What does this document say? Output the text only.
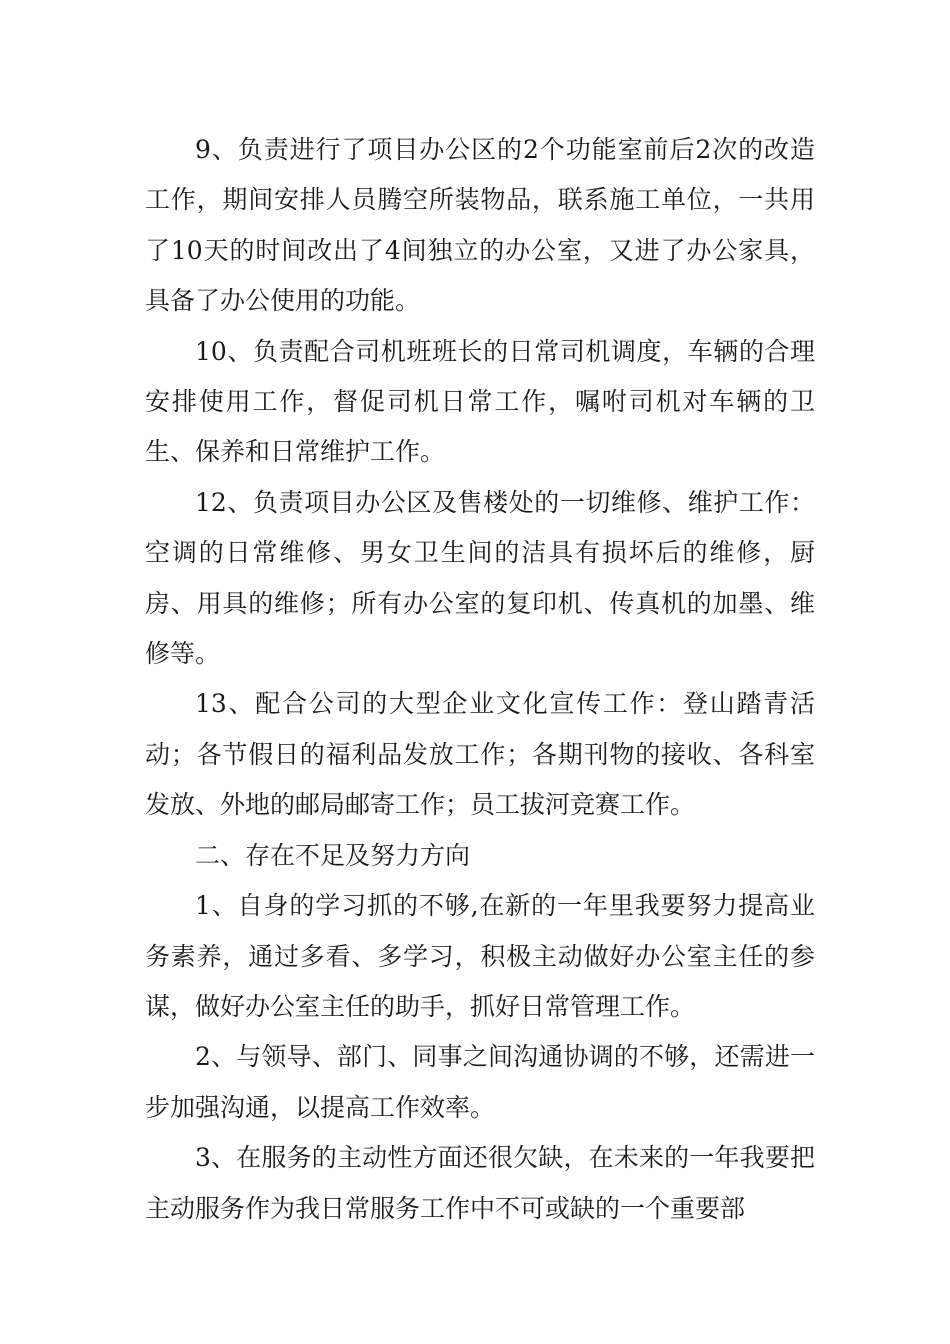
9、负责进行了项目办公区的2个功能室前后2次的改造工作，期间安排人员腾空所装物品，联系施工单位，一共用了10天的时间改出了4间独立的办公室，又进了办公家具，具备了办公使用的功能。

10、负责配合司机班班长的日常司机调度，车辆的合理安排使用工作，督促司机日常工作，嘱咐司机对车辆的卫生、保养和日常维护工作。

12、负责项目办公区及售楼处的一切维修、维护工作：空调的日常维修、男女卫生间的洁具有损坏后的维修，厨房、用具的维修；所有办公室的复印机、传真机的加墨、维修等。

13、配合公司的大型企业文化宣传工作：登山踏青活动；各节假日的福利品发放工作；各期刊物的接收、各科室发放、外地的邮局邮寄工作；员工拔河竞赛工作。

二、存在不足及努力方向

1、自身的学习抓的不够,在新的一年里我要努力提高业务素养，通过多看、多学习，积极主动做好办公室主任的参谋，做好办公室主任的助手，抓好日常管理工作。

2、与领导、部门、同事之间沟通协调的不够，还需进一步加强沟通，以提高工作效率。

3、在服务的主动性方面还很欠缺，在未来的一年我要把主动服务作为我日常服务工作中不可或缺的一个重要部
